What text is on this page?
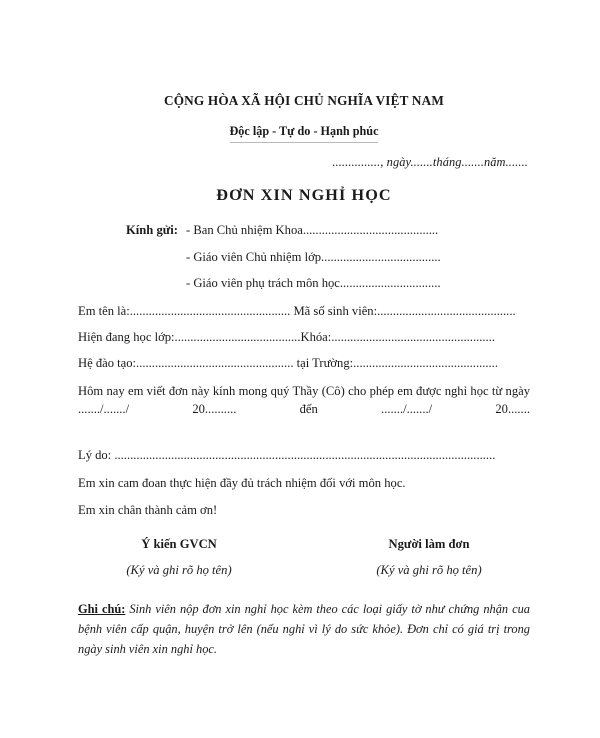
CỘNG HÒA XÃ HỘI CHỦ NGHĨA VIỆT NAM
Độc lập - Tự do - Hạnh phúc
..............., ngày.......tháng.......năm.......
ĐƠN XIN NGHỈ HỌC
Kính gửi: - Ban Chủ nhiệm Khoa...........................................
- Giáo viên Chủ nhiệm lớp......................................
- Giáo viên phụ trách môn học................................
Em tên là:................................................... Mã số sinh viên:............................................
Hiện đang học lớp:........................................Khóa:....................................................
Hệ đào tạo:.................................................. tại Trường:..............................................
Hôm nay em viết đơn này kính mong quý Thầy (Cô) cho phép em được nghỉ học từ ngày ......./......./ 20.......... đến ......./......./ 20.......
Lý do: .........................................................................................................................
Em xin cam đoan thực hiện đầy đủ trách nhiệm đối với môn học.
Em xin chân thành cảm ơn!
Ý kiến GVCN
(Ký và ghi rõ họ tên)
Người làm đơn
(Ký và ghi rõ họ tên)
Ghi chú: Sinh viên nộp đơn xin nghỉ học kèm theo các loại giấy tờ như chứng nhận cua bệnh viên cấp quận, huyện trở lên (nếu nghỉ vì lý do sức khỏe). Đơn chỉ có giá trị trong ngày sinh viên xin nghỉ học.
